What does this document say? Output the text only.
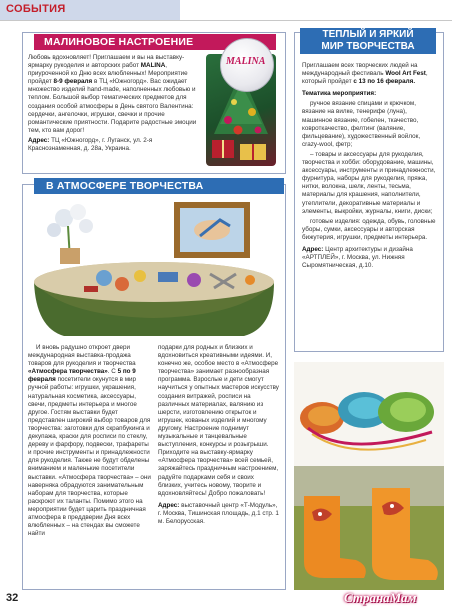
СОБЫТИЯ
МАЛИНОВОЕ НАСТРОЕНИЕ
MALINA

Любовь вдохновляет! Приглашаем и вы на выставку-ярмарку рукоделия и авторских работ MALINA, приуроченной ко Дню всех влюбленных! Мероприятие пройдет 8-9 февраля в ТЦ «Южногорд». Вас ожидает множество изделий hand-made, наполненных любовью и теплом. Большой выбор тематических предметов для создания особой атмосферы в День святого Валентина: сердечки, ангелочки, игрушки, свечки и прочие романтические приятности. Подарите радостные эмоции тем, кто вам дорог!

Адрес: ТЦ «Южногорд», г. Луганск, ул. 2-я Краснознаменная, д. 28а, Украина.

ТЕПЛЫЙ И ЯРКИЙ
МИР ТВОРЧЕСТВА

Приглашаем всех творческих людей на международный фестиваль Wool Art Fest, который пройдет с 13 по 16 февраля.

Тематика мероприятия:

ручное вязание спицами и крючком, вязание на вилке, тенерифе (луна), машинное вязание, гобелен, ткачество, ковроткачество, фелтинг (валяние, фильцевание), художественный войлок, crazy-wool, фетр;

– товары и аксессуары для рукоделия, творчества и хобби: оборудование, машины, аксессуары, инструменты и принадлежности, фурнитура, наборы для рукоделия, пряжа, нитки, волокна, шелк, ленты, тесьма, материалы для крашения, наполнители, утеплители, декоративные материалы и элементы, выкройки, журналы, книги, диски;

готовые изделия: одежда, обувь, головные уборы, сумки, аксессуары и авторская бижутерия, игрушки, предметы интерьера.

Адрес: Центр архитектуры и дизайна «АРТПЛЕЙ», г. Москва, ул. Нижняя Сыромятническая, д.10.

В АТМОСФЕРЕ ТВОРЧЕСТВА

И вновь радушно откроет двери международная выставка-продажа товаров для рукоделия и творчества «Атмосфера творчества». С 5 по 9 февраля посетители окунутся в мир ручной работы: игрушки, украшения, натуральная косметика, аксессуары, свечи, предметы интерьера и многое другое. Гостям выставки будет представлен широкий выбор товаров для творчества: заготовки для скрапбукинга и декупажа, краски для росписи по стеклу, дереву и фарфору, подвески, трафареты и прочие инструменты и принадлежности для рукоделия. Также не будут обделены вниманием и маленькие посетители выставки. «Атмосфера творчества» – они наверняка обрадуются занимательным наборам для творчества, которые раскроют их таланты. Помимо этого на мероприятии будет царить праздничная атмосфера в преддверии Дня всех влюбленных – на стендах вы сможете найти

подарки для родных и близких и вдохновиться креативными идеями. И, конечно же, особое место в «Атмосфере творчества» занимает разнообразная программа. Взрослые и дети смогут научиться у опытных мастеров искусству создания витражей, росписи на различных материалах, валянию из шерсти, изготовлению открыток и игрушек, кованых изделий и многому другому. Настроение поднимут музыкальные и танцевальные выступления, конкурсы и розыгрыши. Приходите на выставку-ярмарку «Атмосфера творчества» всей семьей, заряжайтесь праздничным настроением, радуйте подарками себя и своих близких, учитесь новому, творите и вдохновляйтесь! Добро пожаловать!

Адрес: выставочный центр «Т-Модуль», г. Москва, Тишинская площадь, д.1 стр. 1 м. Белорусская.

32	СтранаМам
